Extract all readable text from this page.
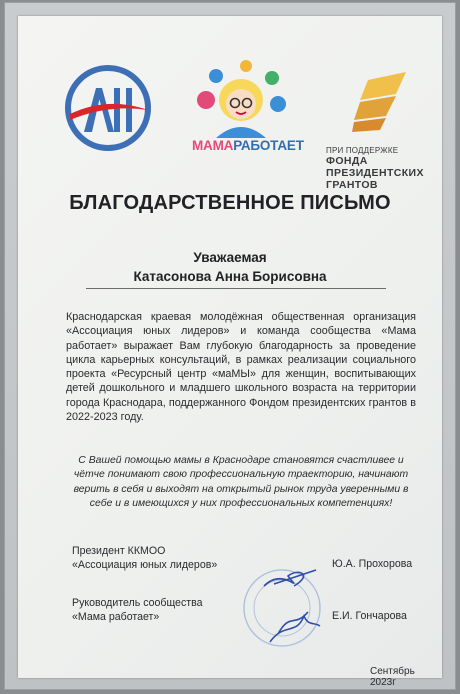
МАМАРАБОТАЕТ	ПРИ ПОДДЕРЖКЕ
ФОНДА ПРЕЗИДЕНТСКИХ ГРАНТОВ
БЛАГОДАРСТВЕННОЕ ПИСЬМО
Уважаемая
Катасонова Анна Борисовна
Краснодарская краевая молодёжная общественная организация «Ассоциация юных лидеров» и команда сообщества «Мама работает» выражает Вам глубокую благодарность за проведение цикла карьерных консультаций, в рамках реализации социального проекта «Ресурсный центр «маМЫ» для женщин, воспитывающих детей дошкольного и младшего школьного возраста на территории города Краснодара, поддержанного Фондом президентских грантов в 2022-2023 году.
С Вашей помощью мамы в Краснодаре становятся счастливее и чётче понимают свою профессиональную траекторию, начинают верить в себя и выходят на открытый рынок труда уверенными в себе и в имеющихся у них профессиональных компетенциях!
Президент ККМОО
«Ассоциация юных лидеров»	Ю.А. Прохорова
Руководитель сообщества
«Мама работает»	Е.И. Гончарова
Сентябрь 2023г
